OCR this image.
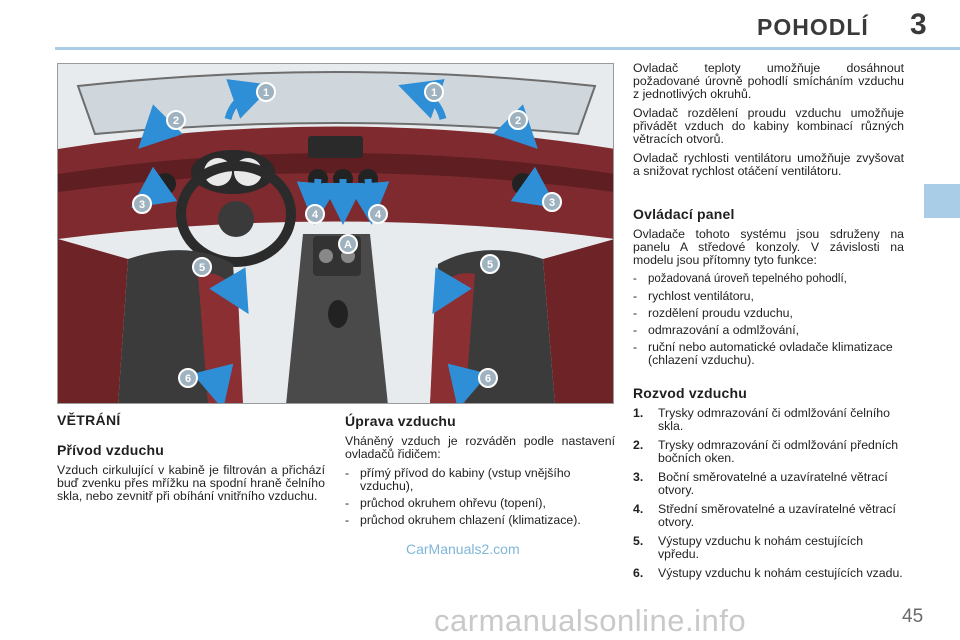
POHODLÍ 3
1	1
2	2
3	3
4	4
A
5	5
6	6
VĚTRÁNÍ
Přívod vzduchu

Vzduch cirkulující v kabině je filtrován a přichází buď zvenku přes mřížku na spodní hraně čelního skla, nebo zevnitř při obíhání vnitřního vzduchu.

Úprava vzduchu

Vháněný vzduch je rozváděn podle nastavení ovladačů řidičem:

- přímý přívod do kabiny (vstup vnějšího vzduchu),
- průchod okruhem ohřevu (topení),
- průchod okruhem chlazení (klimatizace).

Ovladač teploty umožňuje dosáhnout požadované úrovně pohodlí smícháním vzduchu z jednotlivých okruhů.

Ovladač rozdělení proudu vzduchu umožňuje přivádět vzduch do kabiny kombinací různých větracích otvorů.

Ovladač rychlosti ventilátoru umožňuje zvyšovat a snižovat rychlost otáčení ventilátoru.

Ovládací panel

Ovladače tohoto systému jsou sdruženy na panelu A středové konzoly. V závislosti na modelu jsou přítomny tyto funkce:

- požadovaná úroveň tepelného pohodlí,
- rychlost ventilátoru,
- rozdělení proudu vzduchu,
- odmrazování a odmlžování,
- ruční nebo automatické ovladače klimatizace (chlazení vzduchu).
Rozvod vzduchu
1. Trysky odmrazování či odmlžování čelního skla.
2. Trysky odmrazování či odmlžování předních bočních oken.
3. Boční směrovatelné a uzavíratelné větrací otvory.
4. Střední směrovatelné a uzavíratelné větrací otvory.
5. Výstupy vzduchu k nohám cestujících vpředu.
6. Výstupy vzduchu k nohám cestujících vzadu.
CarManuals2.com
45
carmanualsonline.info
